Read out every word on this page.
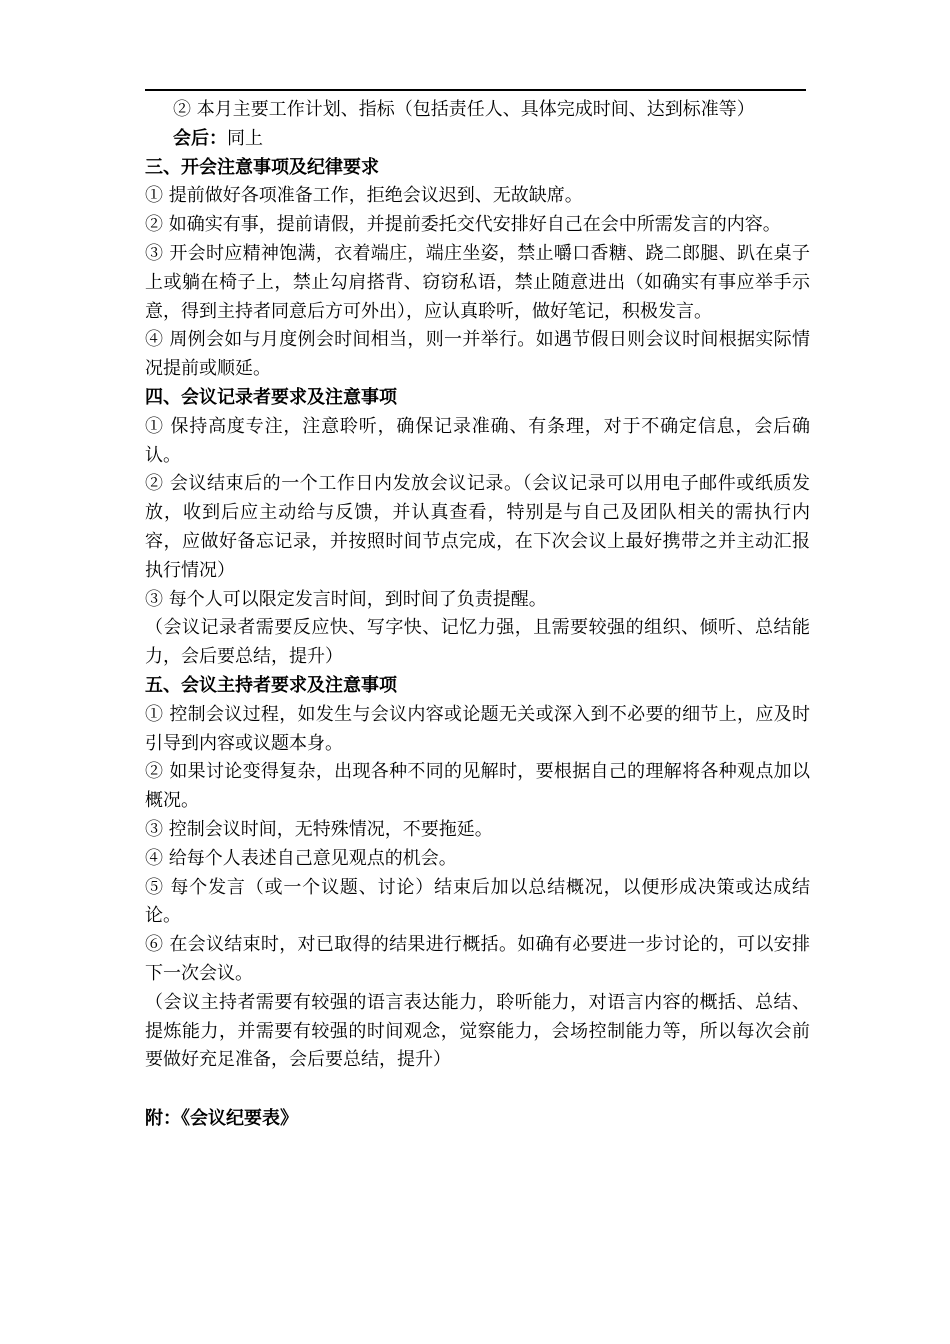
② 本月主要工作计划、指标（包括责任人、具体完成时间、达到标准等）

会后：同上

三、开会注意事项及纪律要求

① 提前做好各项准备工作，拒绝会议迟到、无故缺席。

② 如确实有事，提前请假，并提前委托交代安排好自己在会中所需发言的内容。

③ 开会时应精神饱满，衣着端庄，端庄坐姿，禁止嚼口香糖、跷二郎腿、趴在桌子上或躺在椅子上，禁止勾肩搭背、窃窃私语，禁止随意进出（如确实有事应举手示意，得到主持者同意后方可外出），应认真聆听，做好笔记，积极发言。

④ 周例会如与月度例会时间相当，则一并举行。如遇节假日则会议时间根据实际情况提前或顺延。

四、会议记录者要求及注意事项

① 保持高度专注，注意聆听，确保记录准确、有条理，对于不确定信息，会后确认。

② 会议结束后的一个工作日内发放会议记录。（会议记录可以用电子邮件或纸质发放，收到后应主动给与反馈，并认真查看，特别是与自己及团队相关的需执行内容，应做好备忘记录，并按照时间节点完成，在下次会议上最好携带之并主动汇报执行情况）

③ 每个人可以限定发言时间，到时间了负责提醒。

（会议记录者需要反应快、写字快、记忆力强，且需要较强的组织、倾听、总结能力，会后要总结，提升）

五、会议主持者要求及注意事项

① 控制会议过程，如发生与会议内容或论题无关或深入到不必要的细节上，应及时引导到内容或议题本身。

② 如果讨论变得复杂，出现各种不同的见解时，要根据自己的理解将各种观点加以概况。

③ 控制会议时间，无特殊情况，不要拖延。

④ 给每个人表述自己意见观点的机会。

⑤ 每个发言（或一个议题、讨论）结束后加以总结概况，以便形成决策或达成结论。

⑥ 在会议结束时，对已取得的结果进行概括。如确有必要进一步讨论的，可以安排下一次会议。

（会议主持者需要有较强的语言表达能力，聆听能力，对语言内容的概括、总结、提炼能力，并需要有较强的时间观念，觉察能力，会场控制能力等，所以每次会前要做好充足准备，会后要总结，提升）

附：《会议纪要表》
